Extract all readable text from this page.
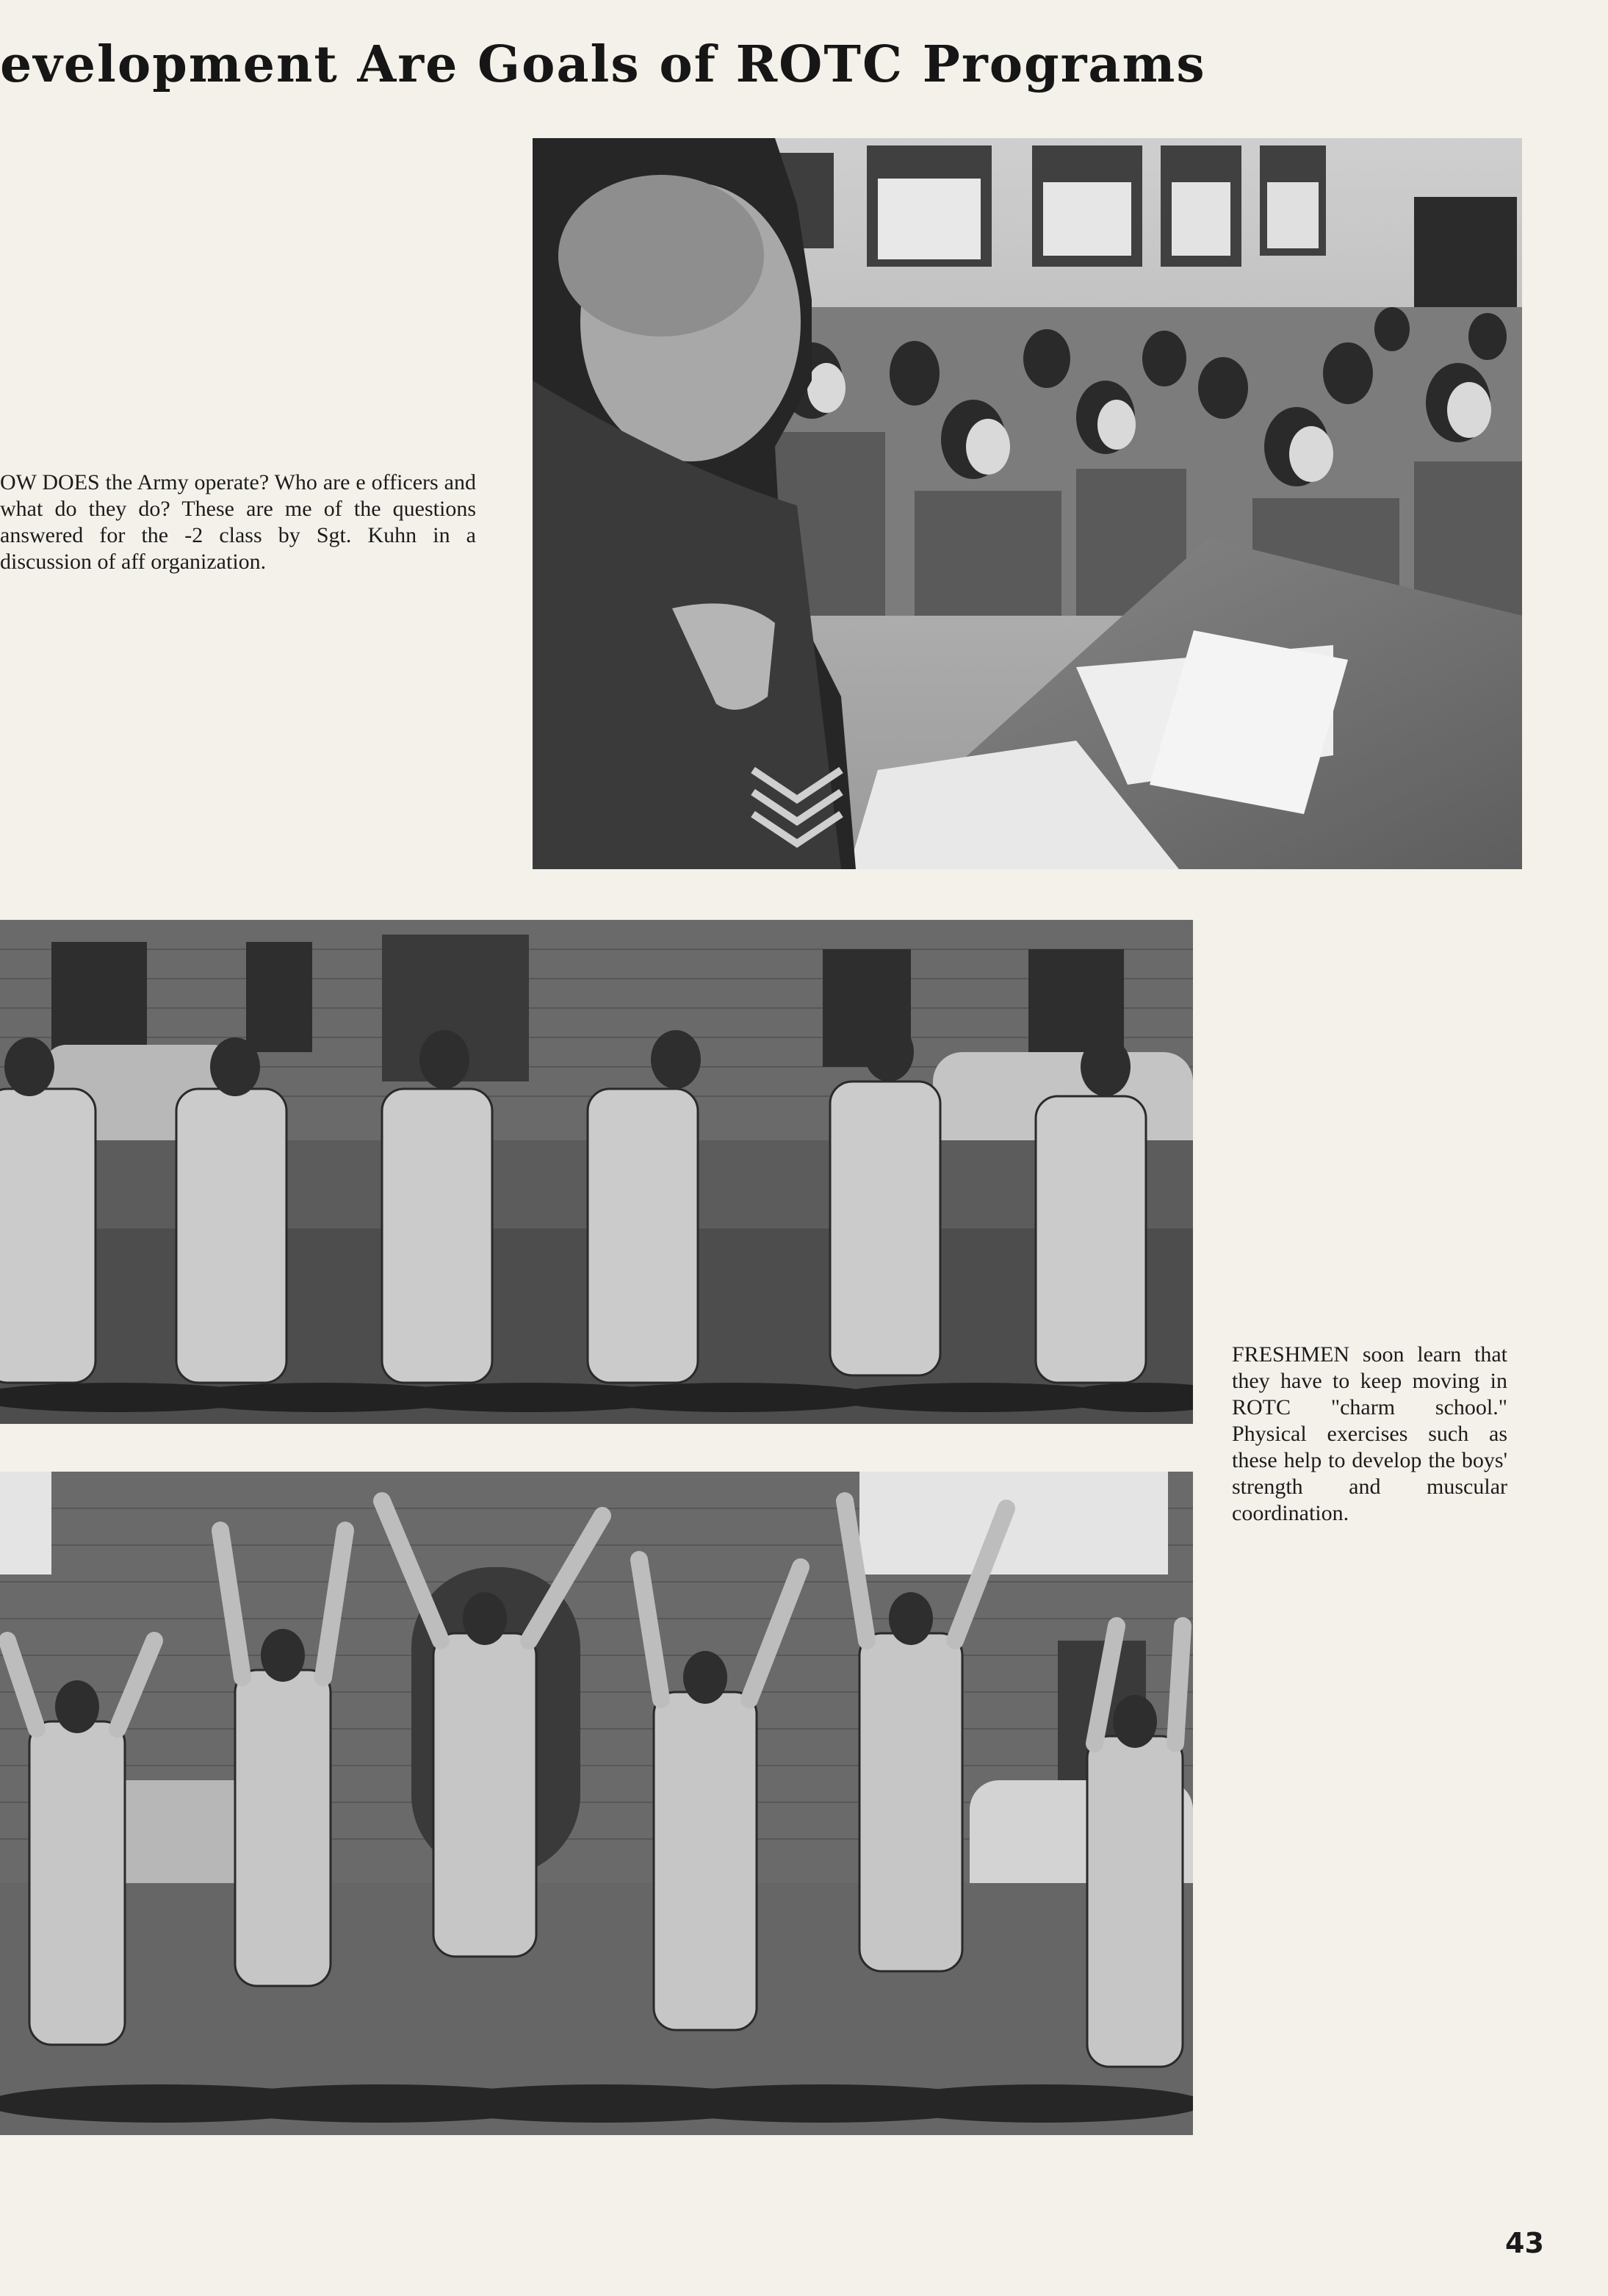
evelopment Are Goals of ROTC Programs

OW DOES the Army operate? Who are e officers and what do they do? These are me of the questions answered for the -2 class by Sgt. Kuhn in a discussion of aff organization.

FRESHMEN soon learn that they have to keep moving in ROTC "charm school." Physical exercises such as these help to develop the boys' strength and muscular coordination.

43
